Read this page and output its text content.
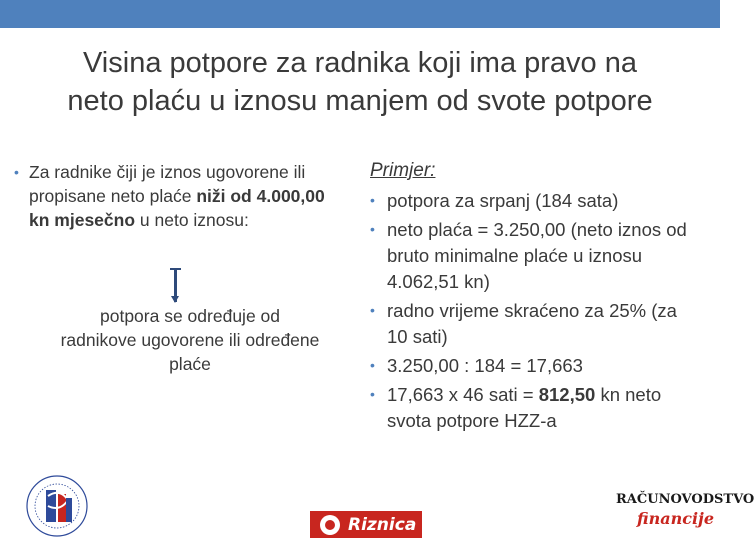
Visina potpore za radnika koji ima pravo na
neto plaću u iznosu manjem od svote potpore
• Za radnike čiji je iznos ugovorene ili propisane neto plaće niži od 4.000,00 kn mjesečno u neto iznosu:
potpora se određuje od radnikove ugovorene ili određene plaće
Primjer:
• potpora za srpanj (184 sata)
• neto plaća = 3.250,00 (neto iznos od bruto minimalne plaće u iznosu 4.062,51 kn)
• radno vrijeme skraćeno za 25% (za 10 sati)
• 3.250,00 : 184 = 17,663
• 17,663 x 46 sati = 812,50 kn neto svota potpore HZZ-a
Riznica
RAČUNOVODSTVO
financije
